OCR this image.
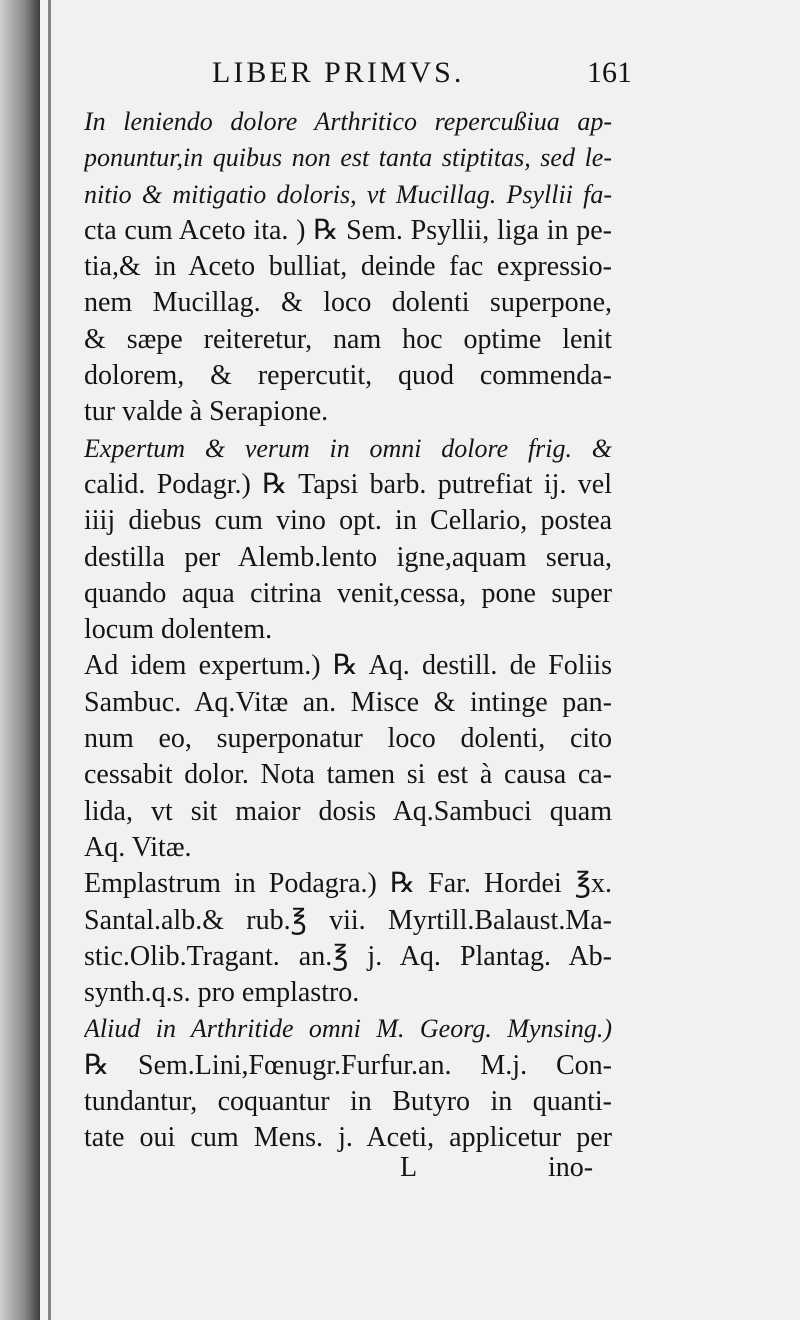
LIBER PRIMVS.	161
In leniendo dolore Arthritico repercußiua ap-
ponuntur,in quibus non est tanta stiptitas, sed le-
nitio & mitigatio doloris, vt Mucillag. Psyllii fa-
cta cum Aceto ita. ) ℞ Sem. Psyllii, liga in pe-
tia,& in Aceto bulliat, deinde fac expressio-
nem Mucillag. & loco dolenti superpone,
& sæpe reiteretur, nam hoc optime lenit
dolorem, & repercutit, quod commenda-
tur valde à Serapione.
Expertum & verum in omni dolore frig. &
calid. Podagr.) ℞ Tapsi barb. putrefiat ij. vel
iiij diebus cum vino opt. in Cellario, postea
destilla per Alemb.lento igne,aquam serua,
quando aqua citrina venit,cessa, pone super
locum dolentem.
Ad idem expertum.) ℞ Aq. destill. de Foliis
Sambuc. Aq.Vitæ an. Misce & intinge pan-
num eo, superponatur loco dolenti, cito
cessabit dolor. Nota tamen si est à causa ca-
lida, vt sit maior dosis Aq.Sambuci quam
Aq. Vitæ.
Emplastrum in Podagra.) ℞ Far. Hordei ℥x.
Santal.alb.& rub.℥ vii. Myrtill.Balaust.Ma-
stic.Olib.Tragant. an.℥ j. Aq. Plantag. Ab-
synth.q.s. pro emplastro.
Aliud in Arthritide omni M. Georg. Mynsing.)
℞ Sem.Lini,Fœnugr.Furfur.an. M.j. Con-
tundantur, coquantur in Butyro in quanti-
tate oui cum Mens. j. Aceti, applicetur per
L	ino-
